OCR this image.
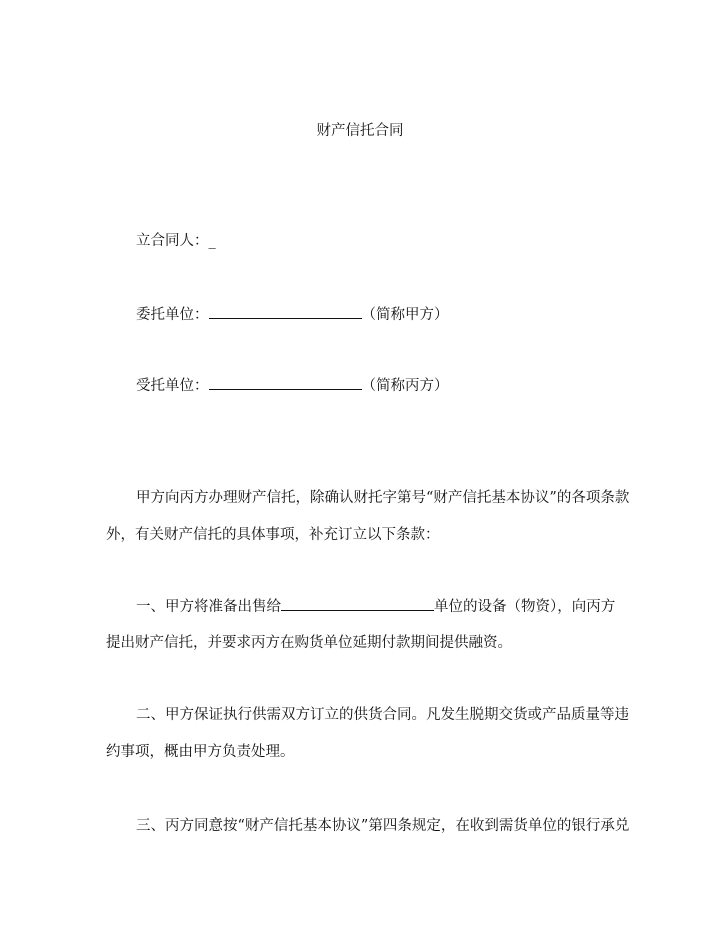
财产信托合同
立合同人：_
委托单位：	（简称甲方）
受托单位：	（简称丙方）
甲方向丙方办理财产信托，除确认财托字第号“财产信托基本协议”的各项条款
外，有关财产信托的具体事项，补充订立以下条款：
一、甲方将准备出售给	单位的设备（物资），向丙方
提出财产信托，并要求丙方在购货单位延期付款期间提供融资。
二、甲方保证执行供需双方订立的供货合同。凡发生脱期交货或产品质量等违
约事项，概由甲方负责处理。
三、丙方同意按“财产信托基本协议”第四条规定，在收到需货单位的银行承兑
